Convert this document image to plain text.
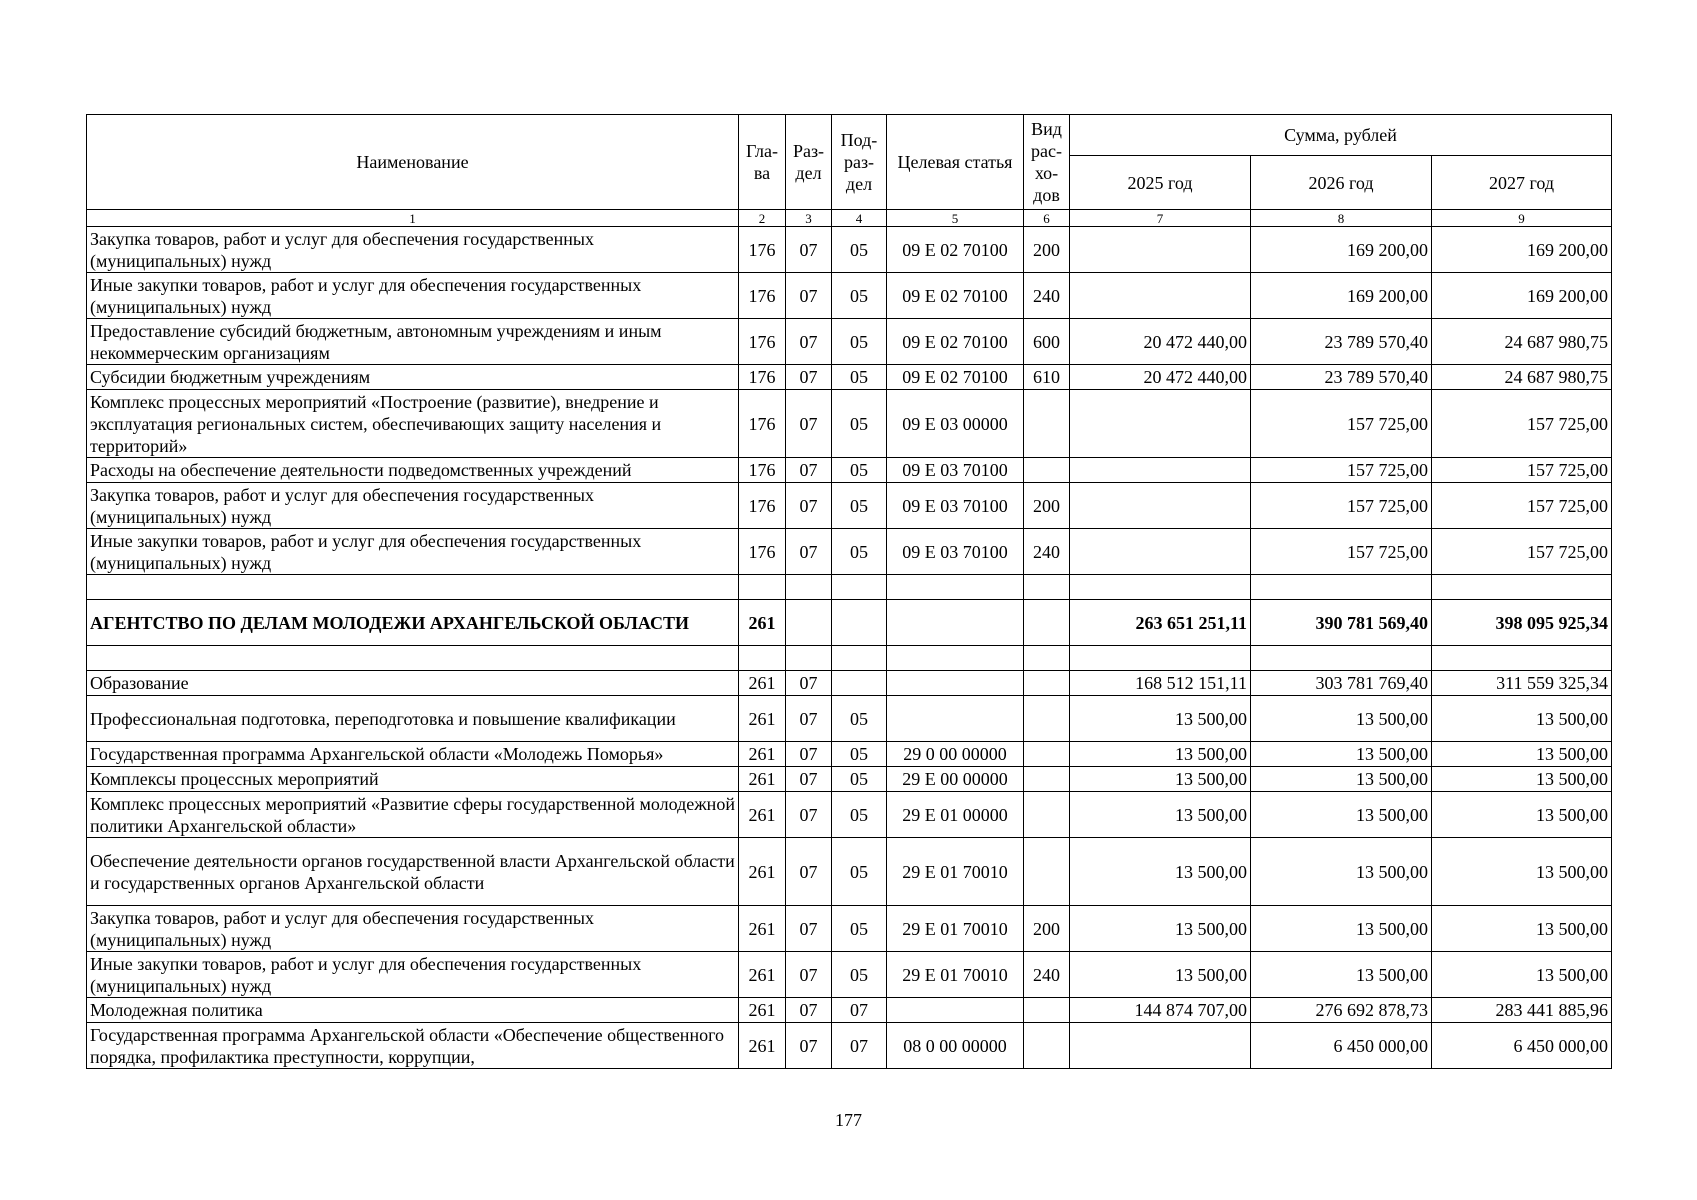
Наименование	Гла-ва	Раз-дел	Под-раз-дел	Целевая статья	Вид рас-хо-дов	Сумма, рублей		
						2025 год	2026 год	2027 год
1	2	3	4	5	6	7	8	9
Закупка товаров, работ и услуг для обеспечения государственных (муниципальных) нужд	176	07	05	09 Е 02 70100	200		169 200,00	169 200,00
Иные закупки товаров, работ и услуг для обеспечения государственных (муниципальных) нужд	176	07	05	09 Е 02 70100	240		169 200,00	169 200,00
Предоставление субсидий бюджетным, автономным учреждениям и иным некоммерческим организациям	176	07	05	09 Е 02 70100	600	20 472 440,00	23 789 570,40	24 687 980,75
Субсидии бюджетным учреждениям	176	07	05	09 Е 02 70100	610	20 472 440,00	23 789 570,40	24 687 980,75
Комплекс процессных мероприятий «Построение (развитие), внедрение и эксплуатация региональных систем, обеспечивающих защиту населения и территорий»	176	07	05	09 Е 03 00000			157 725,00	157 725,00
Расходы на обеспечение деятельности подведомственных учреждений	176	07	05	09 Е 03 70100			157 725,00	157 725,00
Закупка товаров, работ и услуг для обеспечения государственных (муниципальных) нужд	176	07	05	09 Е 03 70100	200		157 725,00	157 725,00
Иные закупки товаров, работ и услуг для обеспечения государственных (муниципальных) нужд	176	07	05	09 Е 03 70100	240		157 725,00	157 725,00

АГЕНТСТВО ПО ДЕЛАМ МОЛОДЕЖИ АРХАНГЕЛЬСКОЙ ОБЛАСТИ	261					263 651 251,11	390 781 569,40	398 095 925,34

Образование	261	07				168 512 151,11	303 781 769,40	311 559 325,34
Профессиональная подготовка, переподготовка и повышение квалификации	261	07	05			13 500,00	13 500,00	13 500,00
Государственная программа Архангельской области «Молодежь Поморья»	261	07	05	29 0 00 00000		13 500,00	13 500,00	13 500,00
Комплексы процессных мероприятий	261	07	05	29 Е 00 00000		13 500,00	13 500,00	13 500,00
Комплекс процессных мероприятий «Развитие сферы государственной молодежной политики Архангельской области»	261	07	05	29 Е 01 00000		13 500,00	13 500,00	13 500,00
Обеспечение деятельности органов государственной власти Архангельской области и государственных органов Архангельской области	261	07	05	29 Е 01 70010		13 500,00	13 500,00	13 500,00
Закупка товаров, работ и услуг для обеспечения государственных (муниципальных) нужд	261	07	05	29 Е 01 70010	200	13 500,00	13 500,00	13 500,00
Иные закупки товаров, работ и услуг для обеспечения государственных (муниципальных) нужд	261	07	05	29 Е 01 70010	240	13 500,00	13 500,00	13 500,00
Молодежная политика	261	07	07			144 874 707,00	276 692 878,73	283 441 885,96
Государственная программа Архангельской области «Обеспечение общественного порядка, профилактика преступности, коррупции,	261	07	07	08 0 00 00000			6 450 000,00	6 450 000,00
177
